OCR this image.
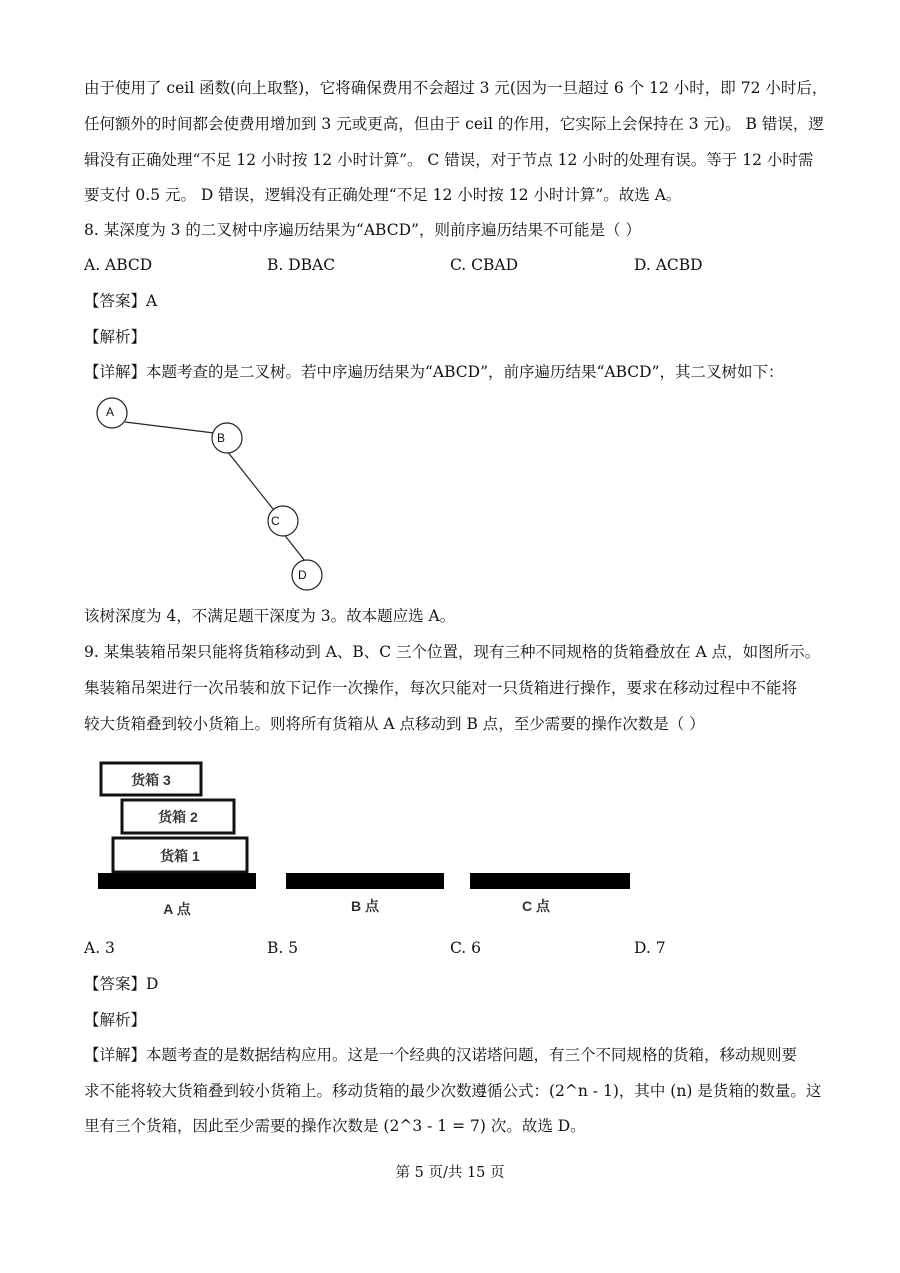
由于使用了 ceil 函数(向上取整)，它将确保费用不会超过 3 元(因为一旦超过 6 个 12 小时，即 72 小时后，
任何额外的时间都会使费用增加到 3 元或更高，但由于 ceil 的作用，它实际上会保持在 3 元)。 B 错误，逻
辑没有正确处理“不足 12 小时按 12 小时计算”。 C 错误，对于节点 12 小时的处理有误。等于 12 小时需
要支付 0.5 元。 D 错误，逻辑没有正确处理“不足 12 小时按 12 小时计算”。故选 A。
8. 某深度为 3 的二叉树中序遍历结果为“ABCD”，则前序遍历结果不可能是（ ）
A. ABCD	B. DBAC	C. CBAD	D. ACBD
【答案】A
【解析】
【详解】本题考查的是二叉树。若中序遍历结果为“ABCD”，前序遍历结果“ABCD”，其二叉树如下：
A
B
C
D
该树深度为 4，不满足题干深度为 3。故本题应选 A。
9. 某集装箱吊架只能将货箱移动到 A、B、C 三个位置，现有三种不同规格的货箱叠放在 A 点，如图所示。
集装箱吊架进行一次吊装和放下记作一次操作，每次只能对一只货箱进行操作，要求在移动过程中不能将
较大货箱叠到较小货箱上。则将所有货箱从 A 点移动到 B 点，至少需要的操作次数是（ ）
货箱 3
货箱 2
货箱 1
A 点	B 点	C 点
A. 3	B. 5	C. 6	D. 7
【答案】D
【解析】
【详解】本题考查的是数据结构应用。这是一个经典的汉诺塔问题，有三个不同规格的货箱，移动规则要
求不能将较大货箱叠到较小货箱上。移动货箱的最少次数遵循公式：(2^n - 1)，其中 (n) 是货箱的数量。这
里有三个货箱，因此至少需要的操作次数是 (2^3 - 1 = 7) 次。故选 D。
第 5 页/共 15 页
